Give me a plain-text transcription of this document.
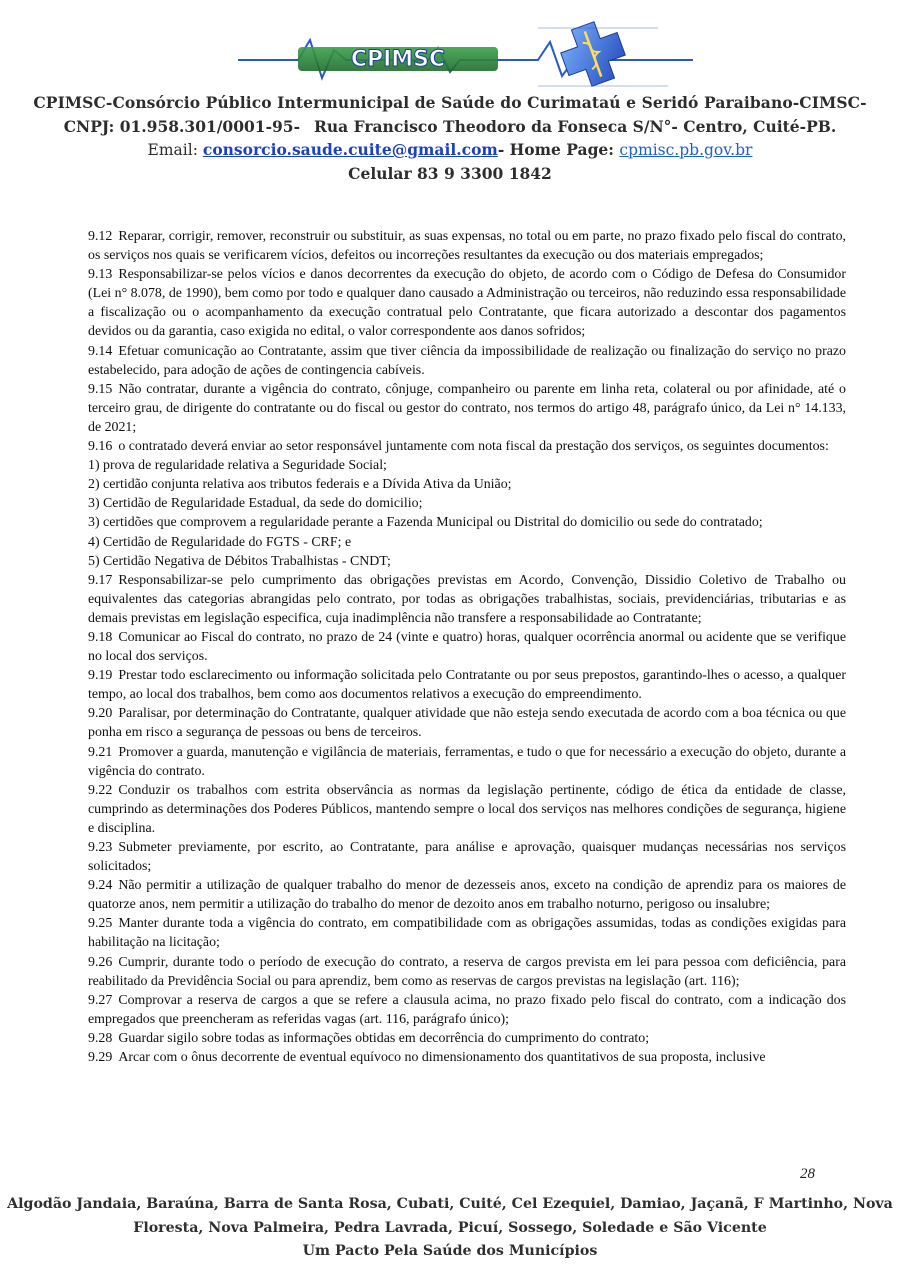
CPIMSC
CPIMSC-Consórcio Público Intermunicipal de Saúde do Curimataú e Seridó Paraibano-CIMSC-
CNPJ: 01.958.301/0001-95- Rua Francisco Theodoro da Fonseca S/N°- Centro, Cuité-PB.
Email: consorcio.saude.cuite@gmail.com- Home Page: cpmisc.pb.gov.br
Celular 83 9 3300 1842

9.12 Reparar, corrigir, remover, reconstruir ou substituir, as suas expensas, no total ou em parte, no prazo fixado pelo fiscal do contrato, os serviços nos quais se verificarem vícios, defeitos ou incorreções resultantes da execução ou dos materiais empregados;

9.13 Responsabilizar-se pelos vícios e danos decorrentes da execução do objeto, de acordo com o Código de Defesa do Consumidor (Lei n° 8.078, de 1990), bem como por todo e qualquer dano causado a Administração ou terceiros, não reduzindo essa responsabilidade a fiscalização ou o acompanhamento da execução contratual pelo Contratante, que ficara autorizado a descontar dos pagamentos devidos ou da garantia, caso exigida no edital, o valor correspondente aos danos sofridos;

9.14 Efetuar comunicação ao Contratante, assim que tiver ciência da impossibilidade de realização ou finalização do serviço no prazo estabelecido, para adoção de ações de contingencia cabíveis.

9.15 Não contratar, durante a vigência do contrato, cônjuge, companheiro ou parente em linha reta, colateral ou por afinidade, até o terceiro grau, de dirigente do contratante ou do fiscal ou gestor do contrato, nos termos do artigo 48, parágrafo único, da Lei n° 14.133, de 2021;

9.16 o contratado deverá enviar ao setor responsável juntamente com nota fiscal da prestação dos serviços, os seguintes documentos:

1) prova de regularidade relativa a Seguridade Social;

2) certidão conjunta relativa aos tributos federais e a Dívida Ativa da União;

3) Certidão de Regularidade Estadual, da sede do domicilio;

3) certidões que comprovem a regularidade perante a Fazenda Municipal ou Distrital do domicilio ou sede do contratado;

4) Certidão de Regularidade do FGTS - CRF; e

5) Certidão Negativa de Débitos Trabalhistas - CNDT;

9.17 Responsabilizar-se pelo cumprimento das obrigações previstas em Acordo, Convenção, Dissidio Coletivo de Trabalho ou equivalentes das categorias abrangidas pelo contrato, por todas as obrigações trabalhistas, sociais, previdenciárias, tributarias e as demais previstas em legislação especifica, cuja inadimplência não transfere a responsabilidade ao Contratante;

9.18 Comunicar ao Fiscal do contrato, no prazo de 24 (vinte e quatro) horas, qualquer ocorrência anormal ou acidente que se verifique no local dos serviços.

9.19 Prestar todo esclarecimento ou informação solicitada pelo Contratante ou por seus prepostos, garantindo-lhes o acesso, a qualquer tempo, ao local dos trabalhos, bem como aos documentos relativos a execução do empreendimento.

9.20 Paralisar, por determinação do Contratante, qualquer atividade que não esteja sendo executada de acordo com a boa técnica ou que ponha em risco a segurança de pessoas ou bens de terceiros.

9.21 Promover a guarda, manutenção e vigilância de materiais, ferramentas, e tudo o que for necessário a execução do objeto, durante a vigência do contrato.

9.22 Conduzir os trabalhos com estrita observância as normas da legislação pertinente, código de ética da entidade de classe, cumprindo as determinações dos Poderes Públicos, mantendo sempre o local dos serviços nas melhores condições de segurança, higiene e disciplina.

9.23 Submeter previamente, por escrito, ao Contratante, para análise e aprovação, quaisquer mudanças necessárias nos serviços solicitados;

9.24 Não permitir a utilização de qualquer trabalho do menor de dezesseis anos, exceto na condição de aprendiz para os maiores de quatorze anos, nem permitir a utilização do trabalho do menor de dezoito anos em trabalho noturno, perigoso ou insalubre;

9.25 Manter durante toda a vigência do contrato, em compatibilidade com as obrigações assumidas, todas as condições exigidas para habilitação na licitação;

9.26 Cumprir, durante todo o período de execução do contrato, a reserva de cargos prevista em lei para pessoa com deficiência, para reabilitado da Previdência Social ou para aprendiz, bem como as reservas de cargos previstas na legislação (art. 116);

9.27 Comprovar a reserva de cargos a que se refere a clausula acima, no prazo fixado pelo fiscal do contrato, com a indicação dos empregados que preencheram as referidas vagas (art. 116, parágrafo único);

9.28 Guardar sigilo sobre todas as informações obtidas em decorrência do cumprimento do contrato;

9.29 Arcar com o ônus decorrente de eventual equívoco no dimensionamento dos quantitativos de sua proposta, inclusive

28
Algodão Jandaia, Baraúna, Barra de Santa Rosa, Cubati, Cuité, Cel Ezequiel, Damiao, Jaçanã, F Martinho, Nova
Floresta, Nova Palmeira, Pedra Lavrada, Picuí, Sossego, Soledade e São Vicente
Um Pacto Pela Saúde dos Municípios
